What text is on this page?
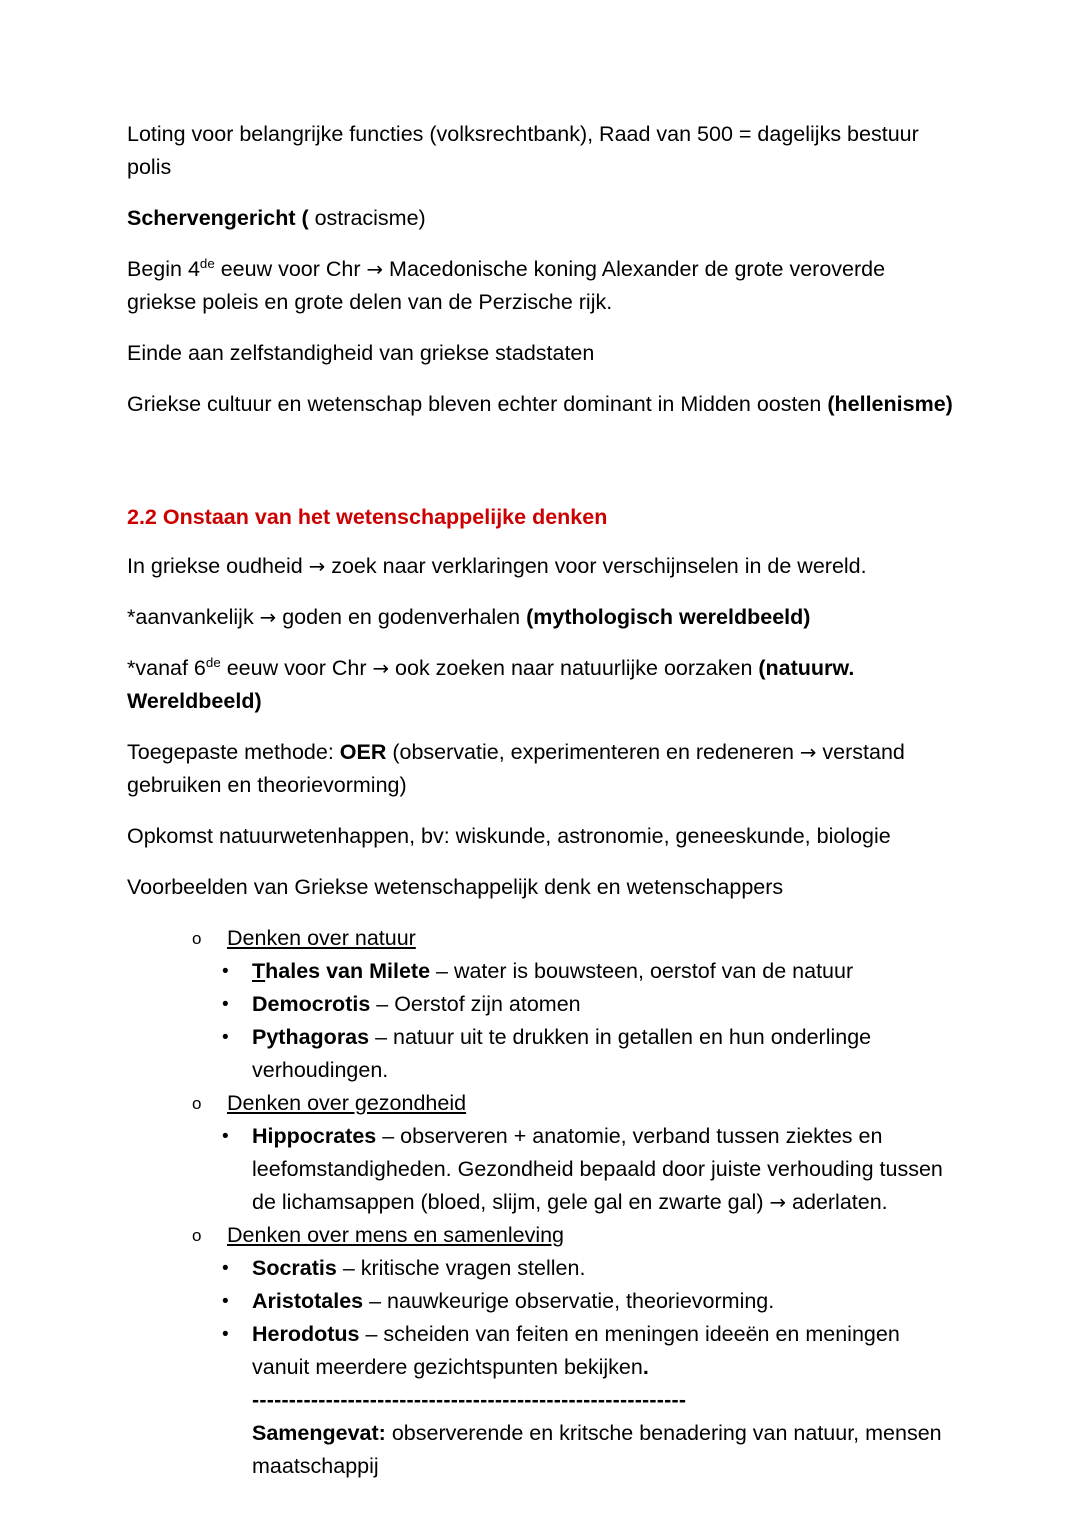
Loting voor belangrijke functies (volksrechtbank), Raad van 500 = dagelijks bestuur polis

Schervengericht ( ostracisme)

Begin 4de eeuw voor Chr → Macedonische koning Alexander de grote veroverde griekse poleis en grote delen van de Perzische rijk.

Einde aan zelfstandigheid van griekse stadstaten

Griekse cultuur en wetenschap bleven echter dominant in Midden oosten (hellenisme)

2.2 Onstaan van het wetenschappelijke denken

In griekse oudheid → zoek naar verklaringen voor verschijnselen in de wereld.

*aanvankelijk → goden en godenverhalen (mythologisch wereldbeeld)

*vanaf 6de eeuw voor Chr → ook zoeken naar natuurlijke oorzaken (natuurw. Wereldbeeld)

Toegepaste methode: OER (observatie, experimenteren en redeneren → verstand gebruiken en theorievorming)

Opkomst natuurwetenhappen, bv: wiskunde, astronomie, geneeskunde, biologie

Voorbeelden van Griekse wetenschappelijk denk en wetenschappers

o Denken over natuur
• Thales van Milete – water is bouwsteen, oerstof van de natuur
• Democrotis – Oerstof zijn atomen
• Pythagoras – natuur uit te drukken in getallen en hun onderlinge verhoudingen.
o Denken over gezondheid
• Hippocrates – observeren + anatomie, verband tussen ziektes en leefomstandigheden. Gezondheid bepaald door juiste verhouding tussen de lichamsappen (bloed, slijm, gele gal en zwarte gal) → aderlaten.
o Denken over mens en samenleving
• Socratis – kritische vragen stellen.
• Aristotales – nauwkeurige observatie, theorievorming.
• Herodotus – scheiden van feiten en meningen ideeën en meningen vanuit meerdere gezichtspunten bekijken.
-----------------------------------------------------------
Samengevat: observerende en kritsche benadering van natuur, mensen maatschappij
